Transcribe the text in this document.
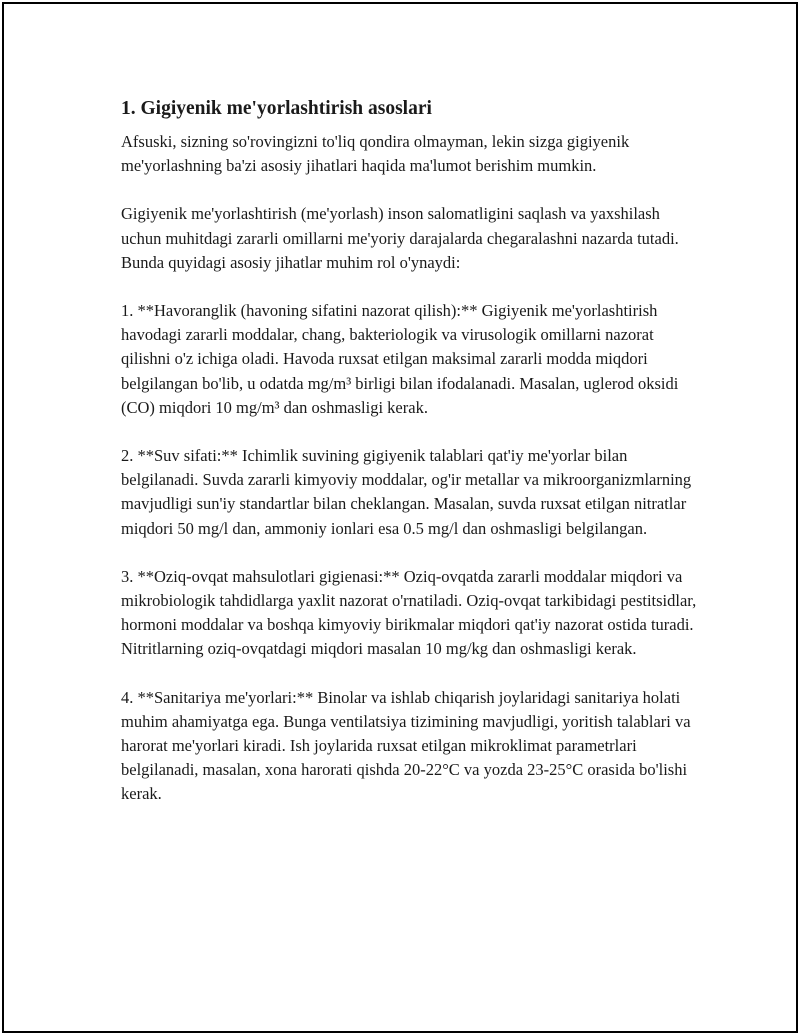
1. Gigiyenik me'yorlashtirish asoslari

Afsuski, sizning so'rovingizni to'liq qondira olmayman, lekin sizga gigiyenik me'yorlashning ba'zi asosiy jihatlari haqida ma'lumot berishim mumkin.

Gigiyenik me'yorlashtirish (me'yorlash) inson salomatligini saqlash va yaxshilash uchun muhitdagi zararli omillarni me'yoriy darajalarda chegaralashni nazarda tutadi. Bunda quyidagi asosiy jihatlar muhim rol o'ynaydi:

1. **Havoranglik (havoning sifatini nazorat qilish):** Gigiyenik me'yorlashtirish havodagi zararli moddalar, chang, bakteriologik va virusologik omillarni nazorat qilishni o'z ichiga oladi. Havoda ruxsat etilgan maksimal zararli modda miqdori belgilangan bo'lib, u odatda mg/m³ birligi bilan ifodalanadi. Masalan, uglerod oksidi (CO) miqdori 10 mg/m³ dan oshmasligi kerak.

2. **Suv sifati:** Ichimlik suvining gigiyenik talablari qat'iy me'yorlar bilan belgilanadi. Suvda zararli kimyoviy moddalar, og'ir metallar va mikroorganizmlarning mavjudligi sun'iy standartlar bilan cheklangan. Masalan, suvda ruxsat etilgan nitratlar miqdori 50 mg/l dan, ammoniy ionlari esa 0.5 mg/l dan oshmasligi belgilangan.

3. **Oziq-ovqat mahsulotlari gigienasi:** Oziq-ovqatda zararli moddalar miqdori va mikrobiologik tahdidlarga yaxlit nazorat o'rnatiladi. Oziq-ovqat tarkibidagi pestitsidlar, hormoni moddalar va boshqa kimyoviy birikmalar miqdori qat'iy nazorat ostida turadi. Nitritlarning oziq-ovqatdagi miqdori masalan 10 mg/kg dan oshmasligi kerak.

4. **Sanitariya me'yorlari:** Binolar va ishlab chiqarish joylaridagi sanitariya holati muhim ahamiyatga ega. Bunga ventilatsiya tizimining mavjudligi, yoritish talablari va harorat me'yorlari kiradi. Ish joylarida ruxsat etilgan mikroklimat parametrlari belgilanadi, masalan, xona harorati qishda 20-22°C va yozda 23-25°C orasida bo'lishi kerak.
